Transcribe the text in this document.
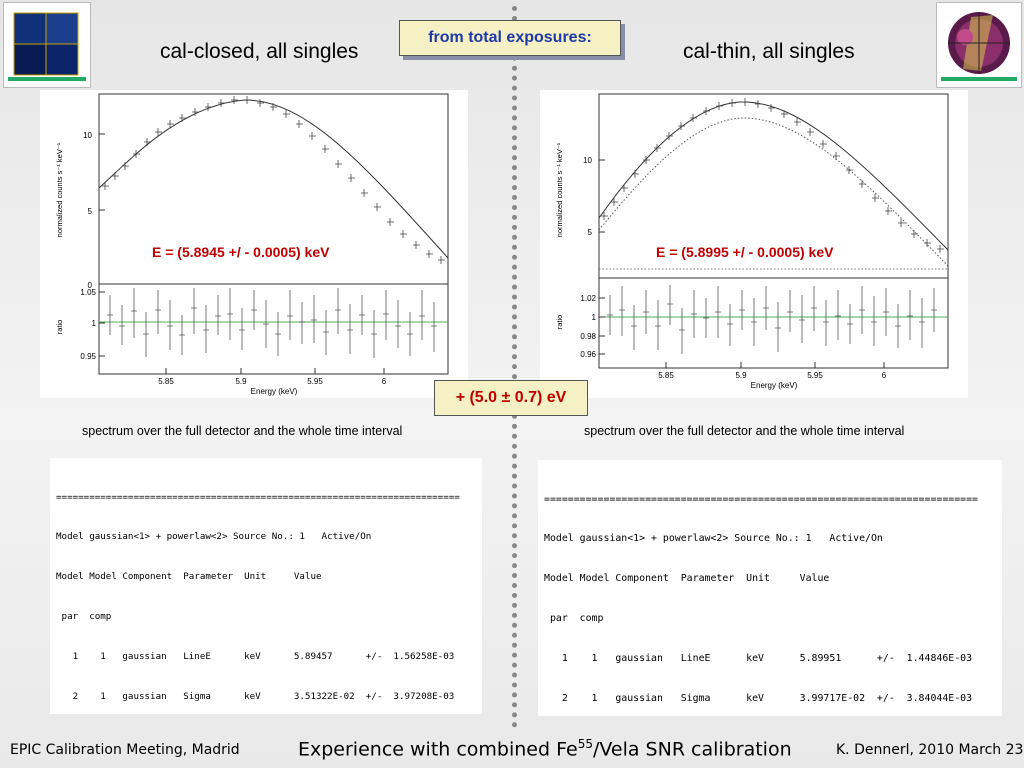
cal-closed, all singles	cal-thin, all singles
from total exposures:
10
5
0
1.05
1
0.95
5.85	5.9	5.95	6
Energy (keV)
normalized counts s⁻¹ keV⁻¹
ratio
E = (5.8945 +/ - 0.0005) keV
10
5
1.02
1
0.98
0.96
5.85	5.9	5.95	6
Energy (keV)
normalized counts s⁻¹ keV⁻¹
ratio
E = (5.8995 +/ - 0.0005) keV
+ (5.0 ± 0.7) eV
spectrum over the full detector and the whole time interval	spectrum over the full detector and the whole time interval

=========================================================================

Model gaussian<1> + powerlaw<2> Source No.: 1   Active/On

Model Model Component  Parameter  Unit     Value

par  comp

1    1   gaussian   LineE      keV      5.89457      +/-  1.56258E-03

2    1   gaussian   Sigma      keV      3.51322E-02  +/-  3.97208E-03

=========================================================================

Model gaussian<1> + powerlaw<2> Source No.: 1   Active/On

Model Model Component  Parameter  Unit     Value

par  comp

1    1   gaussian   LineE      keV      5.89951      +/-  1.44846E-03

2    1   gaussian   Sigma      keV      3.99717E-02  +/-  3.84044E-03

EPIC Calibration Meeting, Madrid	Experience with combined Fe$^{55}$/Vela SNR calibration	K. Dennerl, 2010 March 23
